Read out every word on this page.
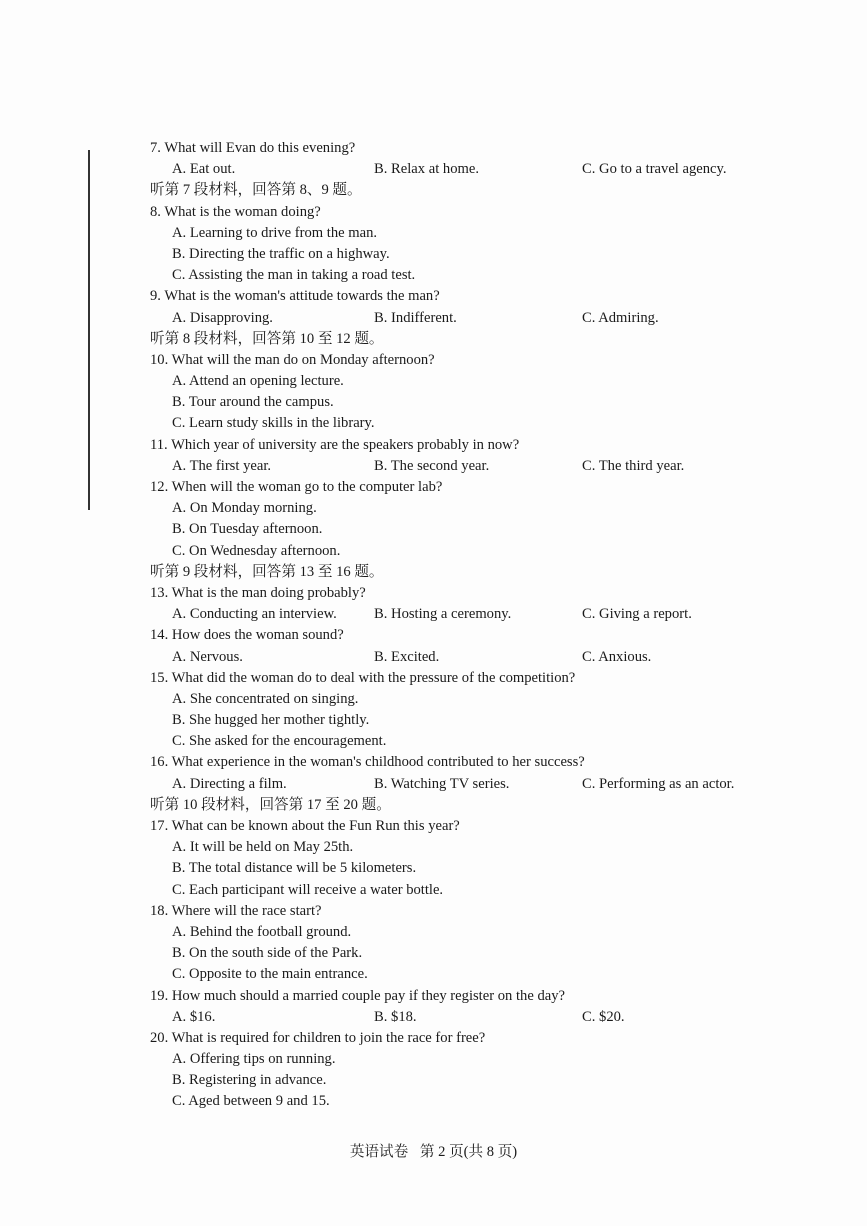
7. What will Evan do this evening?
A. Eat out.	B. Relax at home.	C. Go to a travel agency.
听第 7 段材料，回答第 8、9 题。
8. What is the woman doing?
A. Learning to drive from the man.
B. Directing the traffic on a highway.
C. Assisting the man in taking a road test.
9. What is the woman's attitude towards the man?
A. Disapproving.	B. Indifferent.	C. Admiring.
听第 8 段材料，回答第 10 至 12 题。
10. What will the man do on Monday afternoon?
A. Attend an opening lecture.
B. Tour around the campus.
C. Learn study skills in the library.
11. Which year of university are the speakers probably in now?
A. The first year.	B. The second year.	C. The third year.
12. When will the woman go to the computer lab?
A. On Monday morning.
B. On Tuesday afternoon.
C. On Wednesday afternoon.
听第 9 段材料，回答第 13 至 16 题。
13. What is the man doing probably?
A. Conducting an interview.	B. Hosting a ceremony.	C. Giving a report.
14. How does the woman sound?
A. Nervous.	B. Excited.	C. Anxious.
15. What did the woman do to deal with the pressure of the competition?
A. She concentrated on singing.
B. She hugged her mother tightly.
C. She asked for the encouragement.
16. What experience in the woman's childhood contributed to her success?
A. Directing a film.	B. Watching TV series.	C. Performing as an actor.
听第 10 段材料，回答第 17 至 20 题。
17. What can be known about the Fun Run this year?
A. It will be held on May 25th.
B. The total distance will be 5 kilometers.
C. Each participant will receive a water bottle.
18. Where will the race start?
A. Behind the football ground.
B. On the south side of the Park.
C. Opposite to the main entrance.
19. How much should a married couple pay if they register on the day?
A. $16.	B. $18.	C. $20.
20. What is required for children to join the race for free?
A. Offering tips on running.
B. Registering in advance.
C. Aged between 9 and 15.
英语试卷 第 2 页(共 8 页)
